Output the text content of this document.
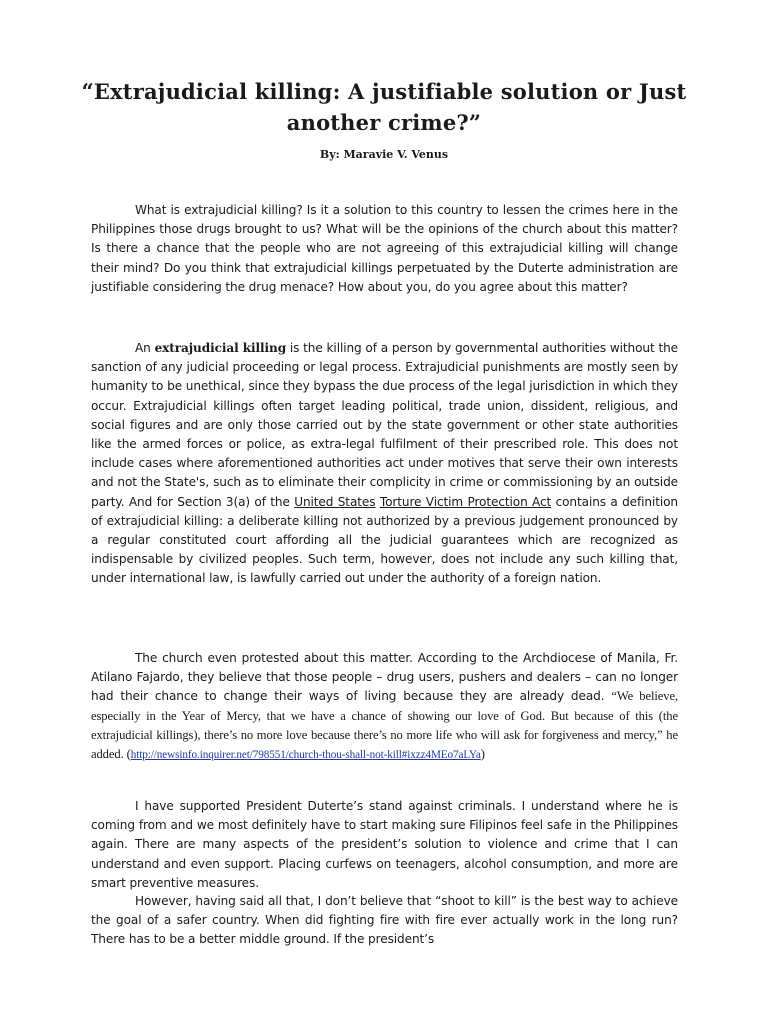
“Extrajudicial killing: A justifiable solution or Just another crime?”
By: Maravie V. Venus

What is extrajudicial killing? Is it a solution to this country to lessen the crimes here in the Philippines those drugs brought to us? What will be the opinions of the church about this matter? Is there a chance that the people who are not agreeing of this extrajudicial killing will change their mind? Do you think that extrajudicial killings perpetuated by the Duterte administration are justifiable considering the drug menace? How about you, do you agree about this matter?

An extrajudicial killing is the killing of a person by governmental authorities without the sanction of any judicial proceeding or legal process. Extrajudicial punishments are mostly seen by humanity to be unethical, since they bypass the due process of the legal jurisdiction in which they occur. Extrajudicial killings often target leading political, trade union, dissident, religious, and social figures and are only those carried out by the state government or other state authorities like the armed forces or police, as extra-legal fulfilment of their prescribed role. This does not include cases where aforementioned authorities act under motives that serve their own interests and not the State's, such as to eliminate their complicity in crime or commissioning by an outside party. And for Section 3(a) of the United States Torture Victim Protection Act contains a definition of extrajudicial killing: a deliberate killing not authorized by a previous judgement pronounced by a regular constituted court affording all the judicial guarantees which are recognized as indispensable by civilized peoples. Such term, however, does not include any such killing that, under international law, is lawfully carried out under the authority of a foreign nation.

The church even protested about this matter. According to the Archdiocese of Manila, Fr. Atilano Fajardo, they believe that those people – drug users, pushers and dealers – can no longer had their chance to change their ways of living because they are already dead. “We believe, especially in the Year of Mercy, that we have a chance of showing our love of God. But because of this (the extrajudicial killings), there’s no more love because there’s no more life who will ask for forgiveness and mercy,” he added. (http://newsinfo.inquirer.net/798551/church-thou-shall-not-kill#ixzz4MEo7aLYa)

I have supported President Duterte’s stand against criminals. I understand where he is coming from and we most definitely have to start making sure Filipinos feel safe in the Philippines again. There are many aspects of the president’s solution to violence and crime that I can understand and even support. Placing curfews on teenagers, alcohol consumption, and more are smart preventive measures.

However, having said all that, I don’t believe that “shoot to kill” is the best way to achieve the goal of a safer country. When did fighting fire with fire ever actually work in the long run? There has to be a better middle ground. If the president’s
